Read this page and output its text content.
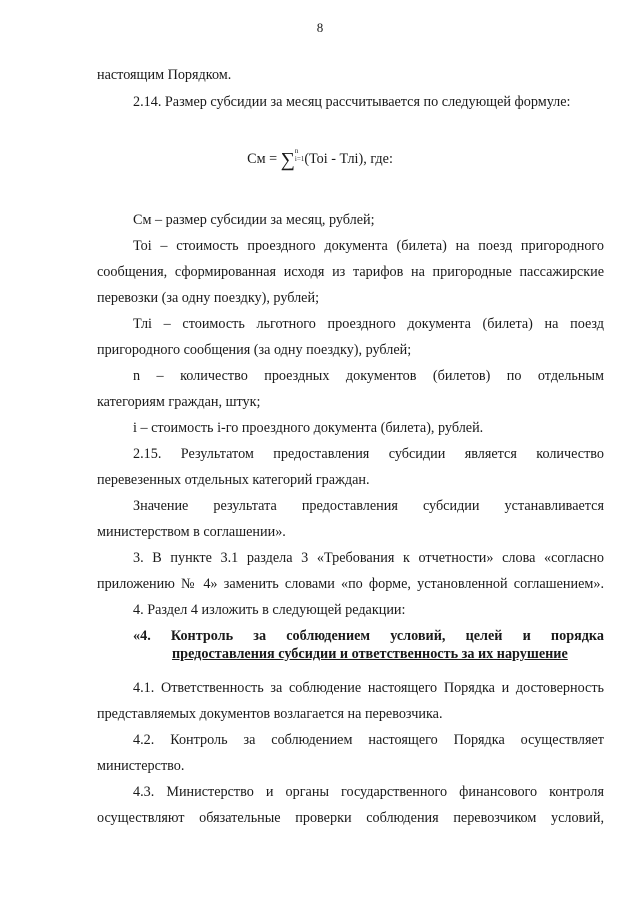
8
настоящим Порядком.
2.14. Размер субсидии за месяц рассчитывается по следующей формуле:
См = ∑n
i=1(Тоi - Тлi), где:
См – размер субсидии за месяц, рублей;
Тоi – стоимость проездного документа (билета) на поезд пригородного
сообщения, сформированная исходя из тарифов на пригородные пассажирские
перевозки (за одну поездку), рублей;
Тлi – стоимость льготного проездного документа (билета) на поезд
пригородного сообщения (за одну поездку), рублей;
n – количество проездных документов (билетов) по отдельным
категориям граждан, штук;
i – стоимость i-го проездного документа (билета), рублей.
2.15. Результатом предоставления субсидии является количество
перевезенных отдельных категорий граждан.
Значение результата предоставления субсидии устанавливается
министерством в соглашении».
3. В пункте 3.1 раздела 3 «Требования к отчетности» слова «согласно
приложению № 4» заменить словами «по форме, установленной соглашением».
4. Раздел 4 изложить в следующей редакции:
«4. Контроль за соблюдением условий, целей и порядка
предоставления субсидии и ответственность за их нарушение
4.1. Ответственность за соблюдение настоящего Порядка и достоверность
представляемых документов возлагается на перевозчика.
4.2. Контроль за соблюдением настоящего Порядка осуществляет
министерство.
4.3. Министерство и органы государственного финансового контроля
осуществляют обязательные проверки соблюдения перевозчиком условий,
